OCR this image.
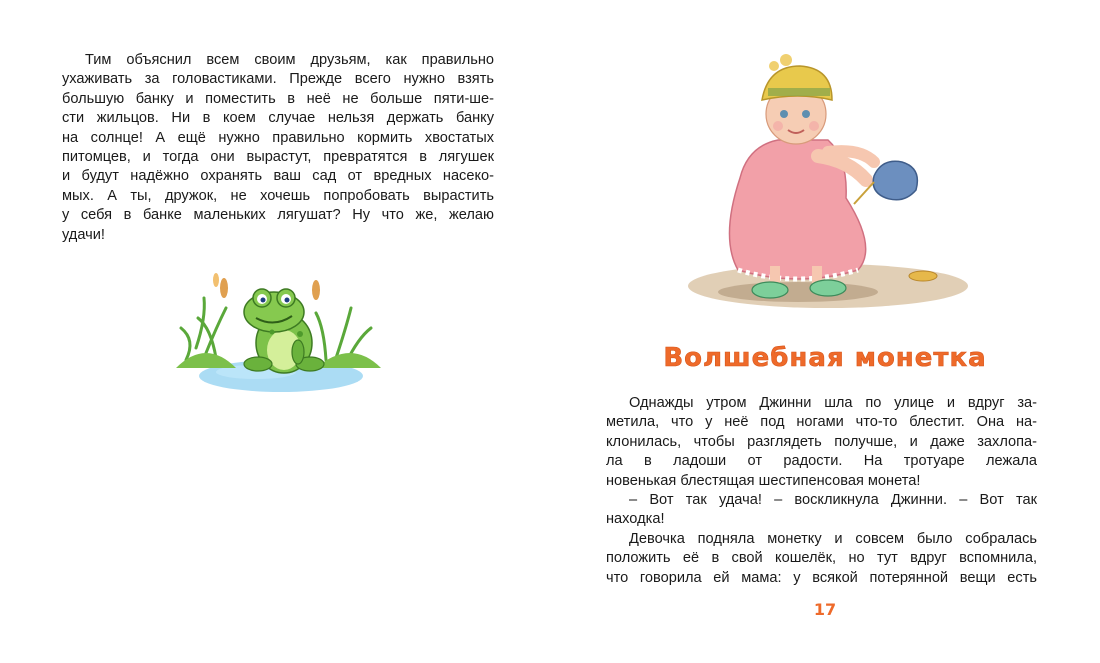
Тим объяснил всем своим друзьям, как правильно
ухаживать за головастиками. Прежде всего нужно взять
большую банку и поместить в неё не больше пяти-ше-
сти жильцов. Ни в коем случае нельзя держать банку
на солнце! А ещё нужно правильно кормить хвостатых
питомцев, и тогда они вырастут, превратятся в лягушек
и будут надёжно охранять ваш сад от вредных насеко-
мых. А ты, дружок, не хочешь попробовать вырастить
у себя в банке маленьких лягушат? Ну что же, желаю
удачи!
Волшебная монетка
Однажды утром Джинни шла по улице и вдруг за-
метила, что у неё под ногами что-то блестит. Она на-
клонилась, чтобы разглядеть получше, и даже захлопа-
ла в ладоши от радости. На тротуаре лежала
новенькая блестящая шестипенсовая монета!
– Вот так удача! – воскликнула Джинни. – Вот так
находка!
Девочка подняла монетку и совсем было собралась
положить её в свой кошелёк, но тут вдруг вспомнила,
что говорила ей мама: у всякой потерянной вещи есть
17
